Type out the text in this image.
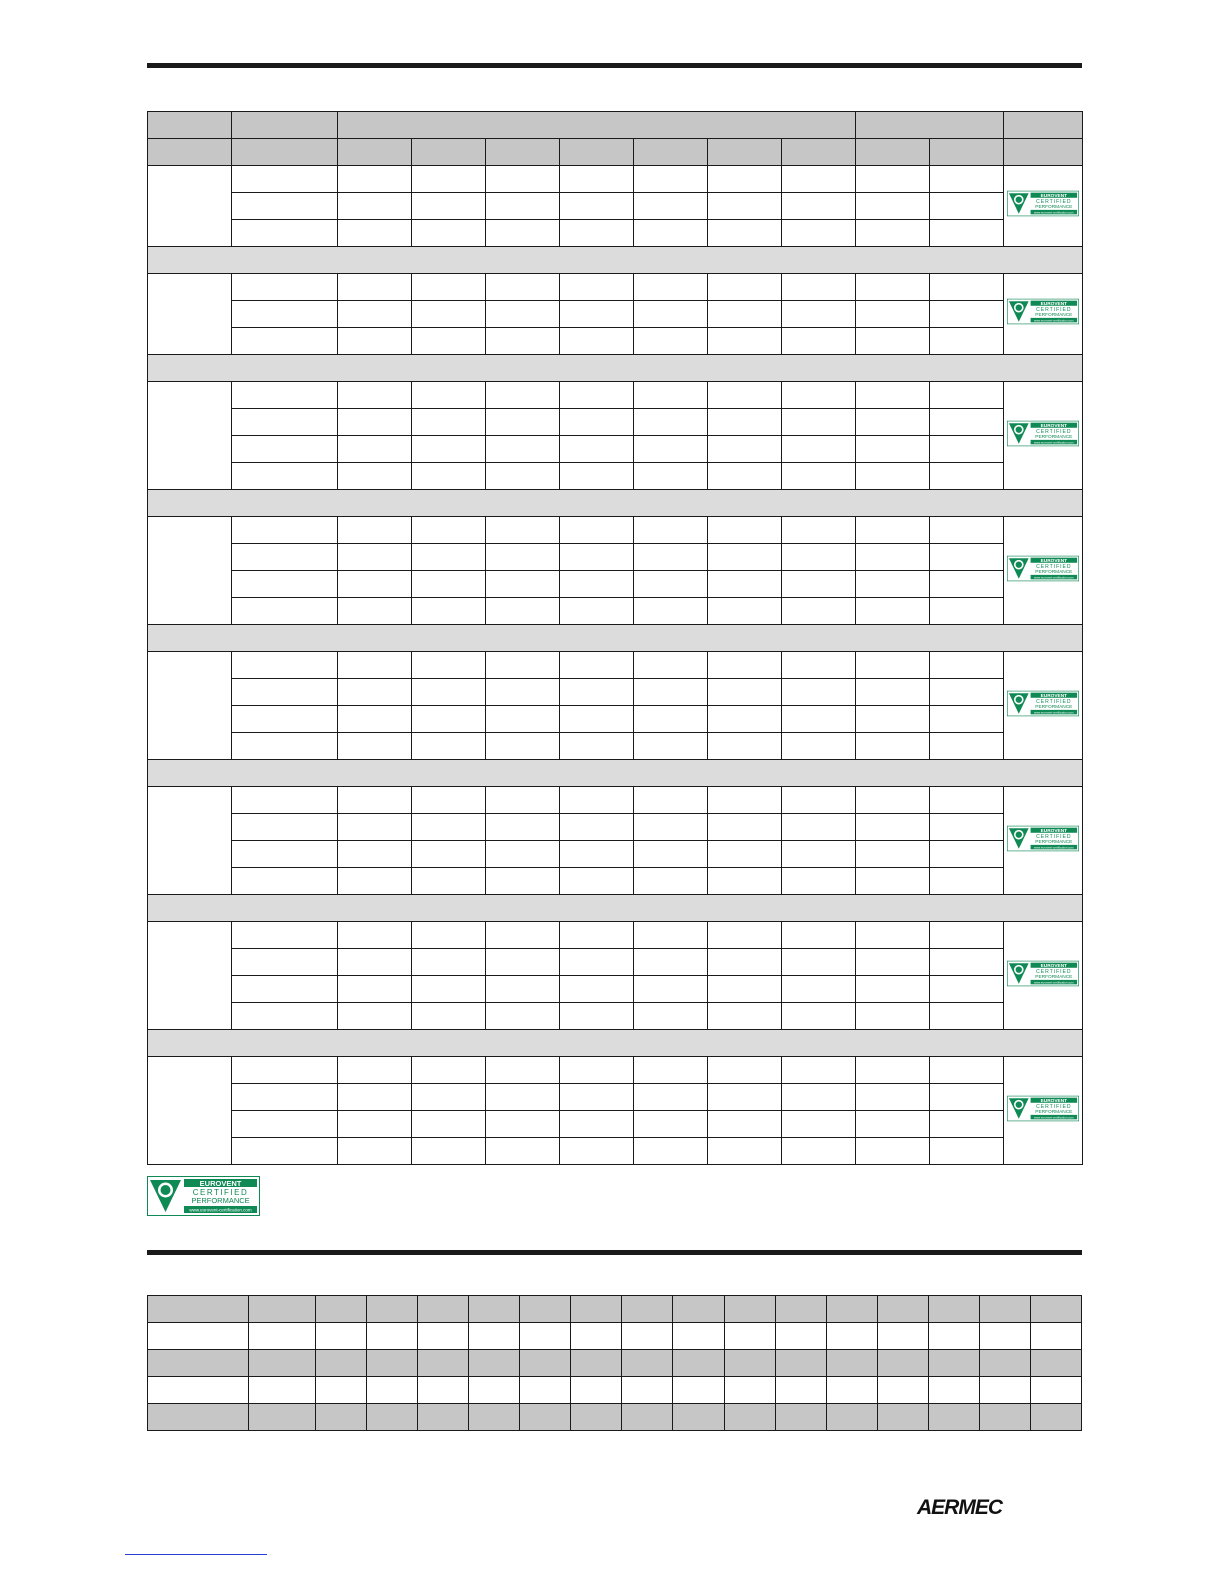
EUROVENT
CERTIFIED
PERFORMANCE
www.eurovent-certification.com

EUROVENT
CERTIFIED
PERFORMANCE
www.eurovent-certification.com

EUROVENT
CERTIFIED
PERFORMANCE
www.eurovent-certification.com

EUROVENT
CERTIFIED
PERFORMANCE
www.eurovent-certification.com

EUROVENT
CERTIFIED
PERFORMANCE
www.eurovent-certification.com

EUROVENT
CERTIFIED
PERFORMANCE
www.eurovent-certification.com

EUROVENT
CERTIFIED
PERFORMANCE
www.eurovent-certification.com

EUROVENT
CERTIFIED
PERFORMANCE
www.eurovent-certification.com

EUROVENT
CERTIFIED
PERFORMANCE
www.eurovent-certification.com

AERMEC
